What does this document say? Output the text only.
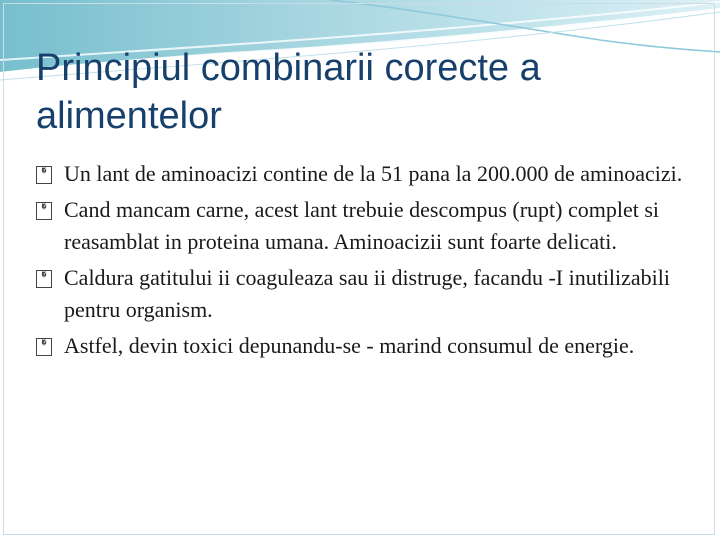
Principiul combinarii corecte a alimentelor
� Un lant de aminoacizi contine de la 51 pana la 200.000 de aminoacizi.
� Cand mancam carne, acest lant trebuie descompus (rupt) complet si reasamblat in proteina umana. Aminoacizii sunt foarte delicati.
� Caldura gatitului ii coaguleaza sau ii distruge, facandu -I inutilizabili pentru organism.
� Astfel, devin toxici depunandu-se - marind consumul de energie.
